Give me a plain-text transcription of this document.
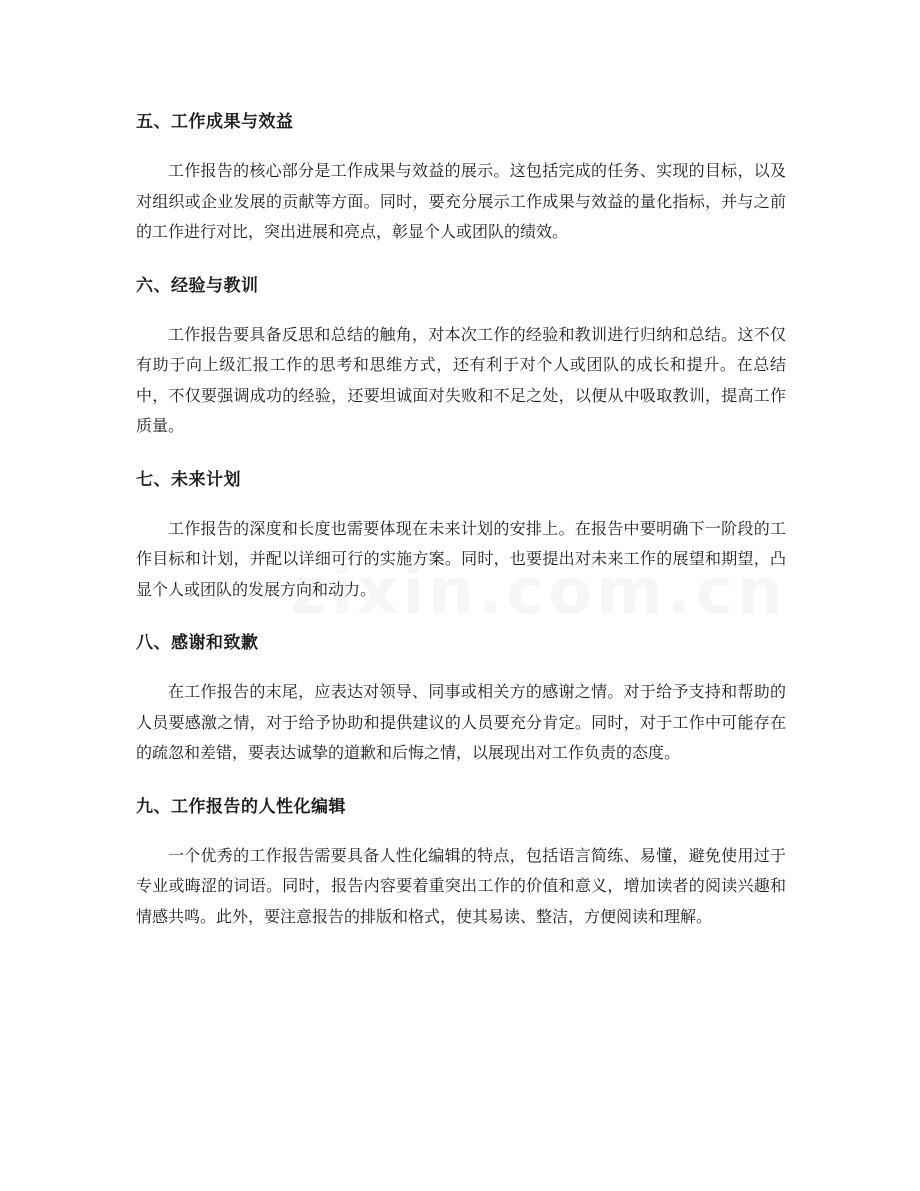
五、工作成果与效益

工作报告的核心部分是工作成果与效益的展示。这包括完成的任务、实现的目标，以及对组织或企业发展的贡献等方面。同时，要充分展示工作成果与效益的量化指标，并与之前的工作进行对比，突出进展和亮点，彰显个人或团队的绩效。

六、经验与教训

工作报告要具备反思和总结的触角，对本次工作的经验和教训进行归纳和总结。这不仅有助于向上级汇报工作的思考和思维方式，还有利于对个人或团队的成长和提升。在总结中，不仅要强调成功的经验，还要坦诚面对失败和不足之处，以便从中吸取教训，提高工作质量。

七、未来计划

工作报告的深度和长度也需要体现在未来计划的安排上。在报告中要明确下一阶段的工作目标和计划，并配以详细可行的实施方案。同时，也要提出对未来工作的展望和期望，凸显个人或团队的发展方向和动力。

八、感谢和致歉

在工作报告的末尾，应表达对领导、同事或相关方的感谢之情。对于给予支持和帮助的人员要感激之情，对于给予协助和提供建议的人员要充分肯定。同时，对于工作中可能存在的疏忽和差错，要表达诚挚的道歉和后悔之情，以展现出对工作负责的态度。

九、工作报告的人性化编辑

一个优秀的工作报告需要具备人性化编辑的特点，包括语言简练、易懂，避免使用过于专业或晦涩的词语。同时，报告内容要着重突出工作的价值和意义，增加读者的阅读兴趣和情感共鸣。此外，要注意报告的排版和格式，使其易读、整洁，方便阅读和理解。
